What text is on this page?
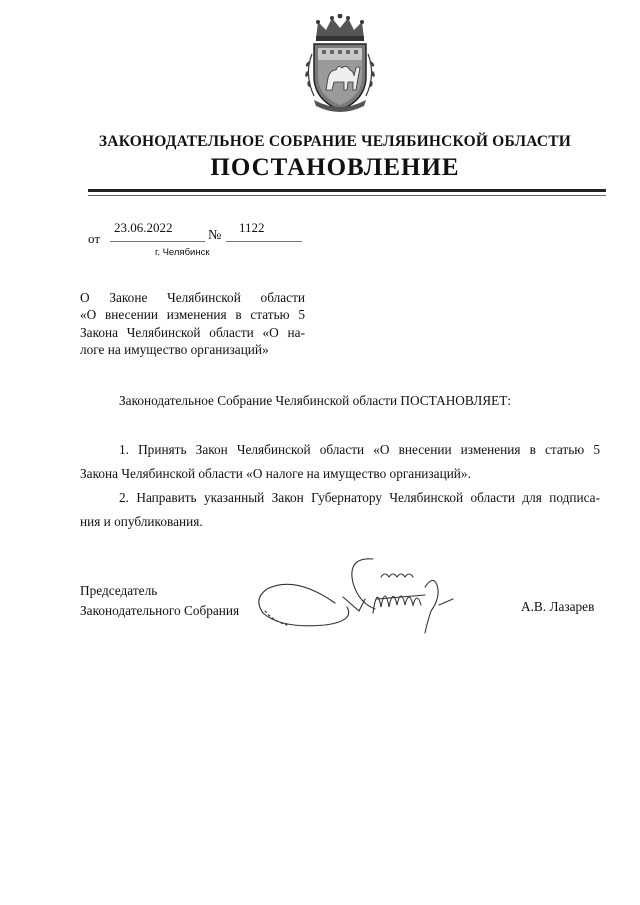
ЗАКОНОДАТЕЛЬНОЕ СОБРАНИЕ ЧЕЛЯБИНСКОЙ ОБЛАСТИ
ПОСТАНОВЛЕНИЕ
от
23.06.2022
№
1122
г. Челябинск
О Законе Челябинской области
«О внесении изменения в статью 5
Закона Челябинской области «О на-
логе на имущество организаций»
Законодательное Собрание Челябинской области ПОСТАНОВЛЯЕТ:
1. Принять Закон Челябинской области «О внесении изменения в статью 5
Закона Челябинской области «О налоге на имущество организаций».
2. Направить указанный Закон Губернатору Челябинской области для подписа-
ния и опубликования.
Председатель
Законодательного Собрания	А.В. Лазарев
